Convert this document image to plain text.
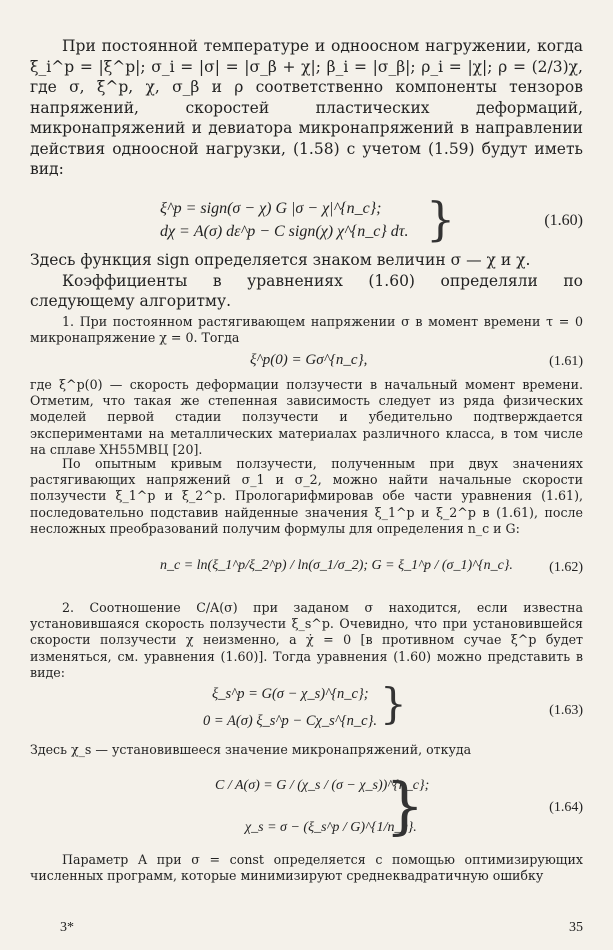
При постоянной температуре и одноосном нагружении, когда ξ_i^p = |ξ^p|; σ_i = |σ| = |σ_β + χ|; β_i = |σ_β|; ρ_i = |χ|; ρ = (2/3)χ, где σ, ξ^p, χ, σ_β и ρ соответственно компоненты тензоров напряжений, скоростей пластических деформаций, микронапряжений и девиатора микронапряжений в направлении действия одноосной нагрузки, (1.58) с учетом (1.59) будут иметь вид:

ξ^p = sign(σ − χ) G |σ − χ|^{n_c};
dχ = A(σ) dε^p − C sign(χ) χ^{n_c} dτ. }	(1.60)

Здесь функция sign определяется знаком величин σ — χ и χ.

Коэффициенты в уравнениях (1.60) определяли по следующему алгоритму.

1. При постоянном растягивающем напряжении σ в момент времени τ = 0 микронапряжение χ = 0. Тогда

ξ^p(0) = Gσ^{n_c},	(1.61)

где ξ^p(0) — скорость деформации ползучести в начальный момент времени. Отметим, что такая же степенная зависимость следует из ряда физических моделей первой стадии ползучести и убедительно подтверждается экспериментами на металлических материалах различного класса, в том числе на сплаве ХН55МВЦ [20].

По опытным кривым ползучести, полученным при двух значениях растягивающих напряжений σ_1 и σ_2, можно найти начальные скорости ползучести ξ_1^p и ξ_2^p. Прологарифмировав обе части уравнения (1.61), последовательно подставив найденные значения ξ_1^p и ξ_2^p в (1.61), после несложных преобразований получим формулы для определения n_c и G:

n_c = ln(ξ_1^p/ξ_2^p) / ln(σ_1/σ_2); G = ξ_1^p / (σ_1)^{n_c}.	(1.62)

2. Соотношение C/A(σ) при заданом σ находится, если известна установившаяся скорость ползучести ξ_s^p. Очевидно, что при установившейся скорости ползучести χ неизменно, а χ̇ = 0 [в противном сучае ξ^p будет изменяться, см. уравнения (1.60)]. Тогда уравнения (1.60) можно представить в виде:

ξ_s^p = G(σ − χ_s)^{n_c};
0 = A(σ) ξ_s^p − Cχ_s^{n_c}. }	(1.63)

Здесь χ_s — установившееся значение микронапряжений, откуда

C / A(σ) = G / (χ_s / (σ − χ_s))^{n_c};
χ_s = σ − (ξ_s^p / G)^{1/n_c}.
}	(1.64)

Параметр A при σ = const определяется с помощью оптимизирующих численных программ, которые минимизируют среднеквадратичную ошибку

3*	35
